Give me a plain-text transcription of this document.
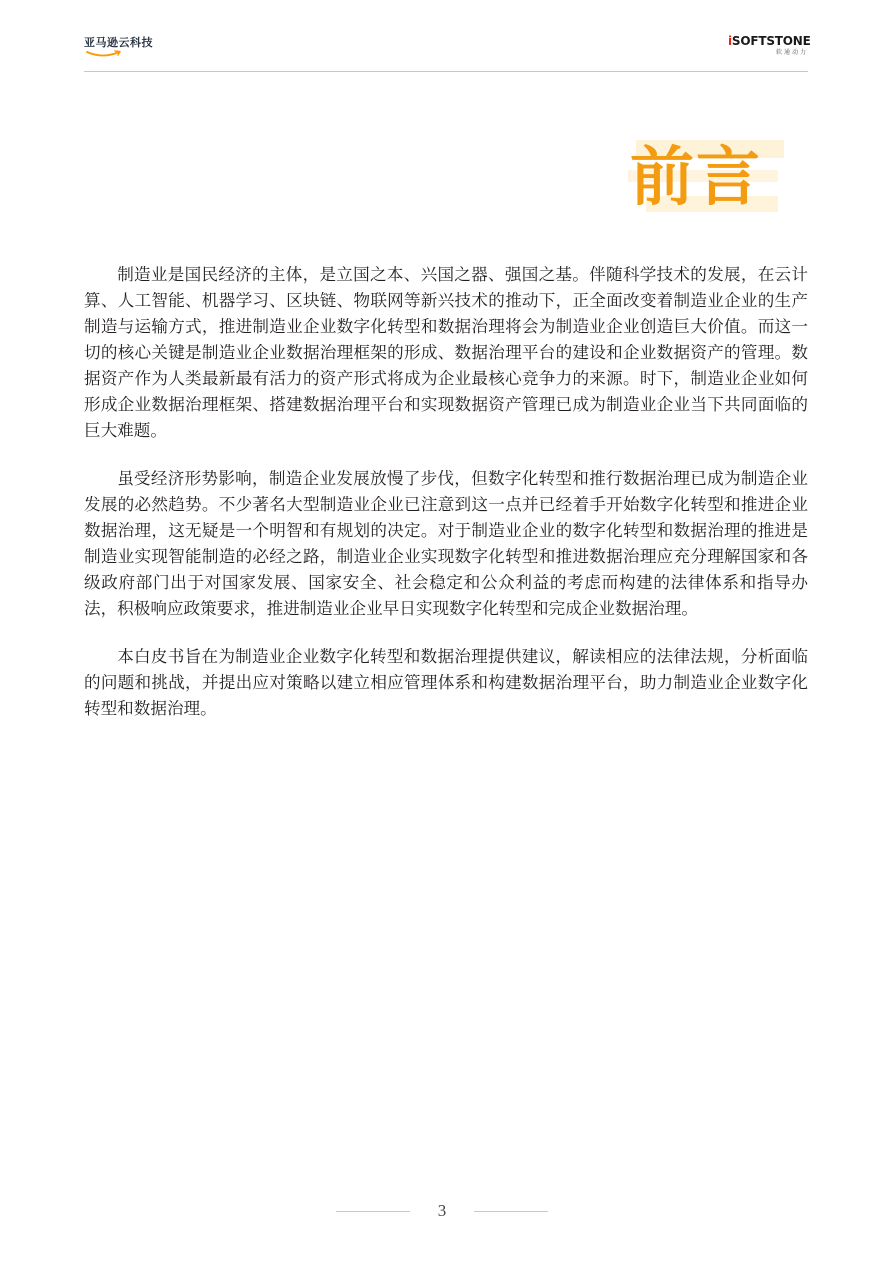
亚马逊云科技	iSOFTSTONE
软通动力
前言

制造业是国民经济的主体，是立国之本、兴国之器、强国之基。伴随科学技术的发展，在云计算、人工智能、机器学习、区块链、物联网等新兴技术的推动下，正全面改变着制造业企业的生产制造与运输方式，推进制造业企业数字化转型和数据治理将会为制造业企业创造巨大价值。而这一切的核心关键是制造业企业数据治理框架的形成、数据治理平台的建设和企业数据资产的管理。数据资产作为人类最新最有活力的资产形式将成为企业最核心竞争力的来源。时下，制造业企业如何形成企业数据治理框架、搭建数据治理平台和实现数据资产管理已成为制造业企业当下共同面临的巨大难题。

虽受经济形势影响，制造企业发展放慢了步伐，但数字化转型和推行数据治理已成为制造企业发展的必然趋势。不少著名大型制造业企业已注意到这一点并已经着手开始数字化转型和推进企业数据治理，这无疑是一个明智和有规划的决定。对于制造业企业的数字化转型和数据治理的推进是制造业实现智能制造的必经之路，制造业企业实现数字化转型和推进数据治理应充分理解国家和各级政府部门出于对国家发展、国家安全、社会稳定和公众利益的考虑而构建的法律体系和指导办法，积极响应政策要求，推进制造业企业早日实现数字化转型和完成企业数据治理。

本白皮书旨在为制造业企业数字化转型和数据治理提供建议，解读相应的法律法规，分析面临的问题和挑战，并提出应对策略以建立相应管理体系和构建数据治理平台，助力制造业企业数字化转型和数据治理。

3
